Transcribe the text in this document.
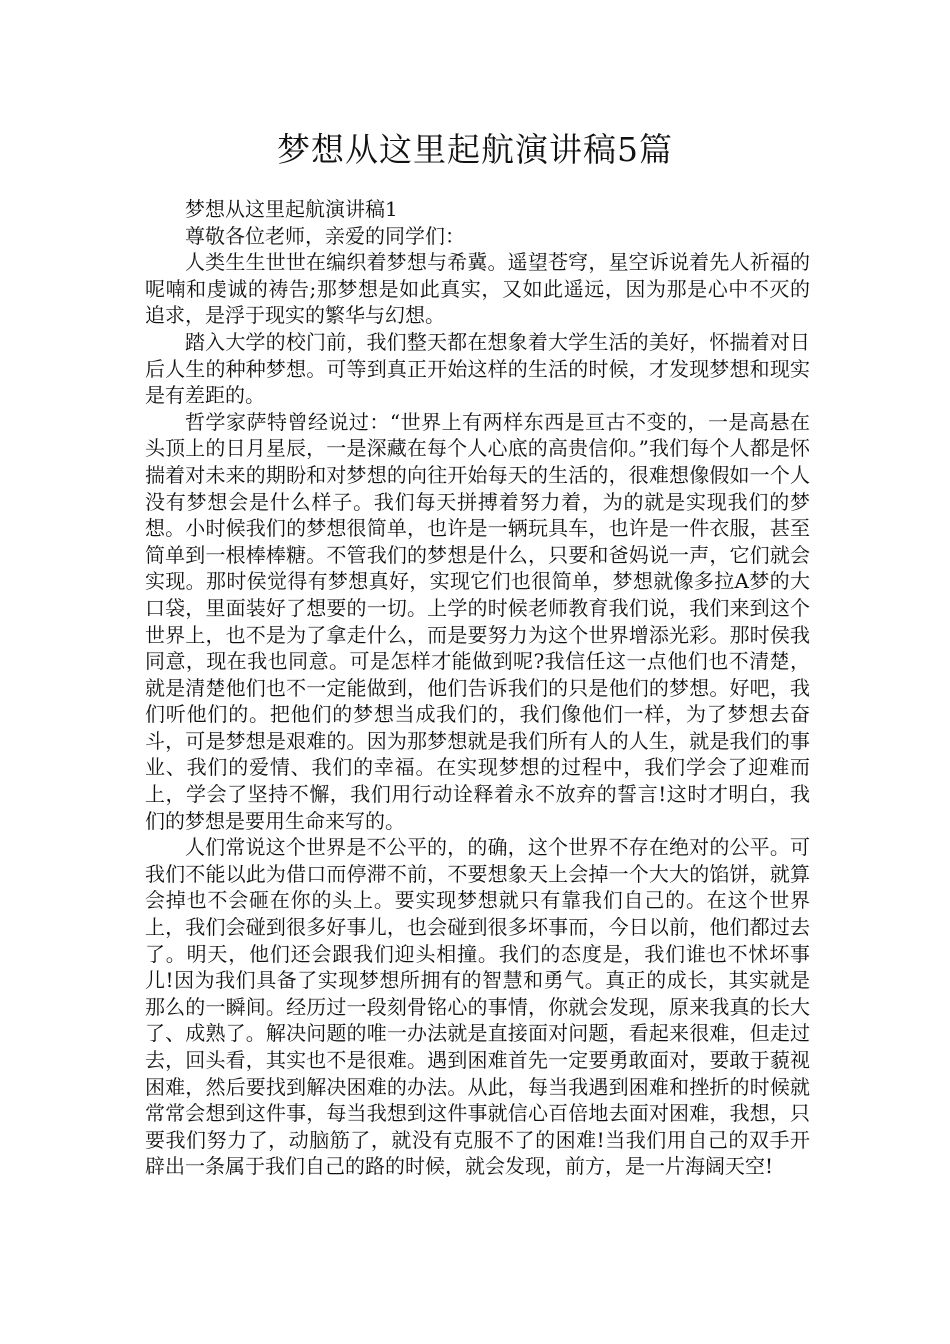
梦想从这里起航演讲稿5篇

梦想从这里起航演讲稿1

尊敬各位老师，亲爱的同学们：

人类生生世世在编织着梦想与希冀。遥望苍穹，星空诉说着先人祈福的呢喃和虔诚的祷告;那梦想是如此真实，又如此遥远，因为那是心中不灭的追求，是浮于现实的繁华与幻想。

踏入大学的校门前，我们整天都在想象着大学生活的美好，怀揣着对日后人生的种种梦想。可等到真正开始这样的生活的时候，才发现梦想和现实是有差距的。

哲学家萨特曾经说过：“世界上有两样东西是亘古不变的，一是高悬在头顶上的日月星辰，一是深藏在每个人心底的高贵信仰。”我们每个人都是怀揣着对未来的期盼和对梦想的向往开始每天的生活的，很难想像假如一个人没有梦想会是什么样子。我们每天拼搏着努力着，为的就是实现我们的梦想。小时候我们的梦想很简单，也许是一辆玩具车，也许是一件衣服，甚至简单到一根棒棒糖。不管我们的梦想是什么，只要和爸妈说一声，它们就会实现。那时侯觉得有梦想真好，实现它们也很简单，梦想就像多拉A梦的大口袋，里面装好了想要的一切。上学的时候老师教育我们说，我们来到这个世界上，也不是为了拿走什么，而是要努力为这个世界增添光彩。那时侯我同意，现在我也同意。可是怎样才能做到呢?我信任这一点他们也不清楚，就是清楚他们也不一定能做到，他们告诉我们的只是他们的梦想。好吧，我们听他们的。把他们的梦想当成我们的，我们像他们一样，为了梦想去奋斗，可是梦想是艰难的。因为那梦想就是我们所有人的人生，就是我们的事业、我们的爱情、我们的幸福。在实现梦想的过程中，我们学会了迎难而上，学会了坚持不懈，我们用行动诠释着永不放弃的誓言!这时才明白，我们的梦想是要用生命来写的。

人们常说这个世界是不公平的，的确，这个世界不存在绝对的公平。可我们不能以此为借口而停滞不前，不要想象天上会掉一个大大的馅饼，就算会掉也不会砸在你的头上。要实现梦想就只有靠我们自己的。在这个世界上，我们会碰到很多好事儿，也会碰到很多坏事而，今日以前，他们都过去了。明天，他们还会跟我们迎头相撞。我们的态度是，我们谁也不怵坏事儿!因为我们具备了实现梦想所拥有的智慧和勇气。真正的成长，其实就是那么的一瞬间。经历过一段刻骨铭心的事情，你就会发现，原来我真的长大了、成熟了。解决问题的唯一办法就是直接面对问题，看起来很难，但走过去，回头看，其实也不是很难。遇到困难首先一定要勇敢面对，要敢于藐视困难，然后要找到解决困难的办法。从此，每当我遇到困难和挫折的时候就常常会想到这件事，每当我想到这件事就信心百倍地去面对困难，我想，只要我们努力了，动脑筋了，就没有克服不了的困难!当我们用自己的双手开辟出一条属于我们自己的路的时候，就会发现，前方，是一片海阔天空!
